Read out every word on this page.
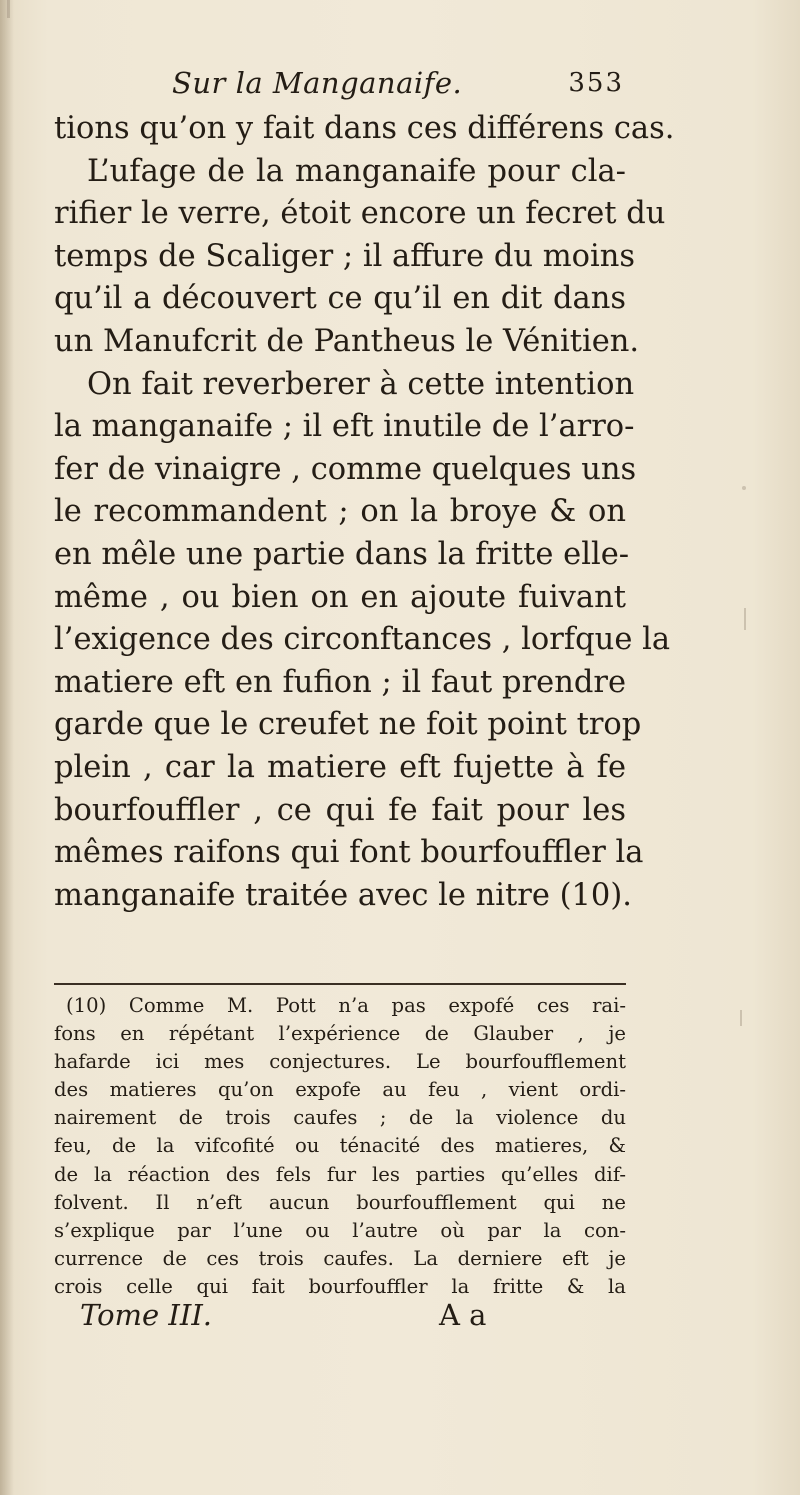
Sur la Manganaife.	353
tions qu’on y fait dans ces différens cas.
L’ufage de la manganaife pour cla-
rifier le verre, étoit encore un fecret du
temps de Scaliger ; il affure du moins
qu’il a découvert ce qu’il en dit dans
un Manufcrit de Pantheus le Vénitien.
On fait reverberer à cette intention
la manganaife ; il eft inutile de l’arro-
fer de vinaigre , comme quelques uns
le recommandent ; on la broye & on
en mêle une partie dans la fritte elle-
même , ou bien on en ajoute fuivant
l’exigence des circonftances , lorfque la
matiere eft en fufion ; il faut prendre
garde que le creufet ne foit point trop
plein , car la matiere eft fujette à fe
bourfouffler , ce qui fe fait pour les
mêmes raifons qui font bourfouffler la
manganaife traitée avec le nitre (10).
(10) Comme M. Pott n’a pas expofé ces rai-
fons en répétant l’expérience de Glauber , je
hafarde ici mes conjectures. Le bourfoufflement
des matieres qu’on expofe au feu , vient ordi-
nairement de trois caufes ; de la violence du
feu, de la vifcofité ou ténacité des matieres, &
de la réaction des fels fur les parties qu’elles dif-
folvent. Il n’eft aucun bourfoufflement qui ne
s’explique par l’une ou l’autre où par la con-
currence de ces trois caufes. La derniere eft je
crois celle qui fait bourfouffler la fritte & la
Tome III.	A a
